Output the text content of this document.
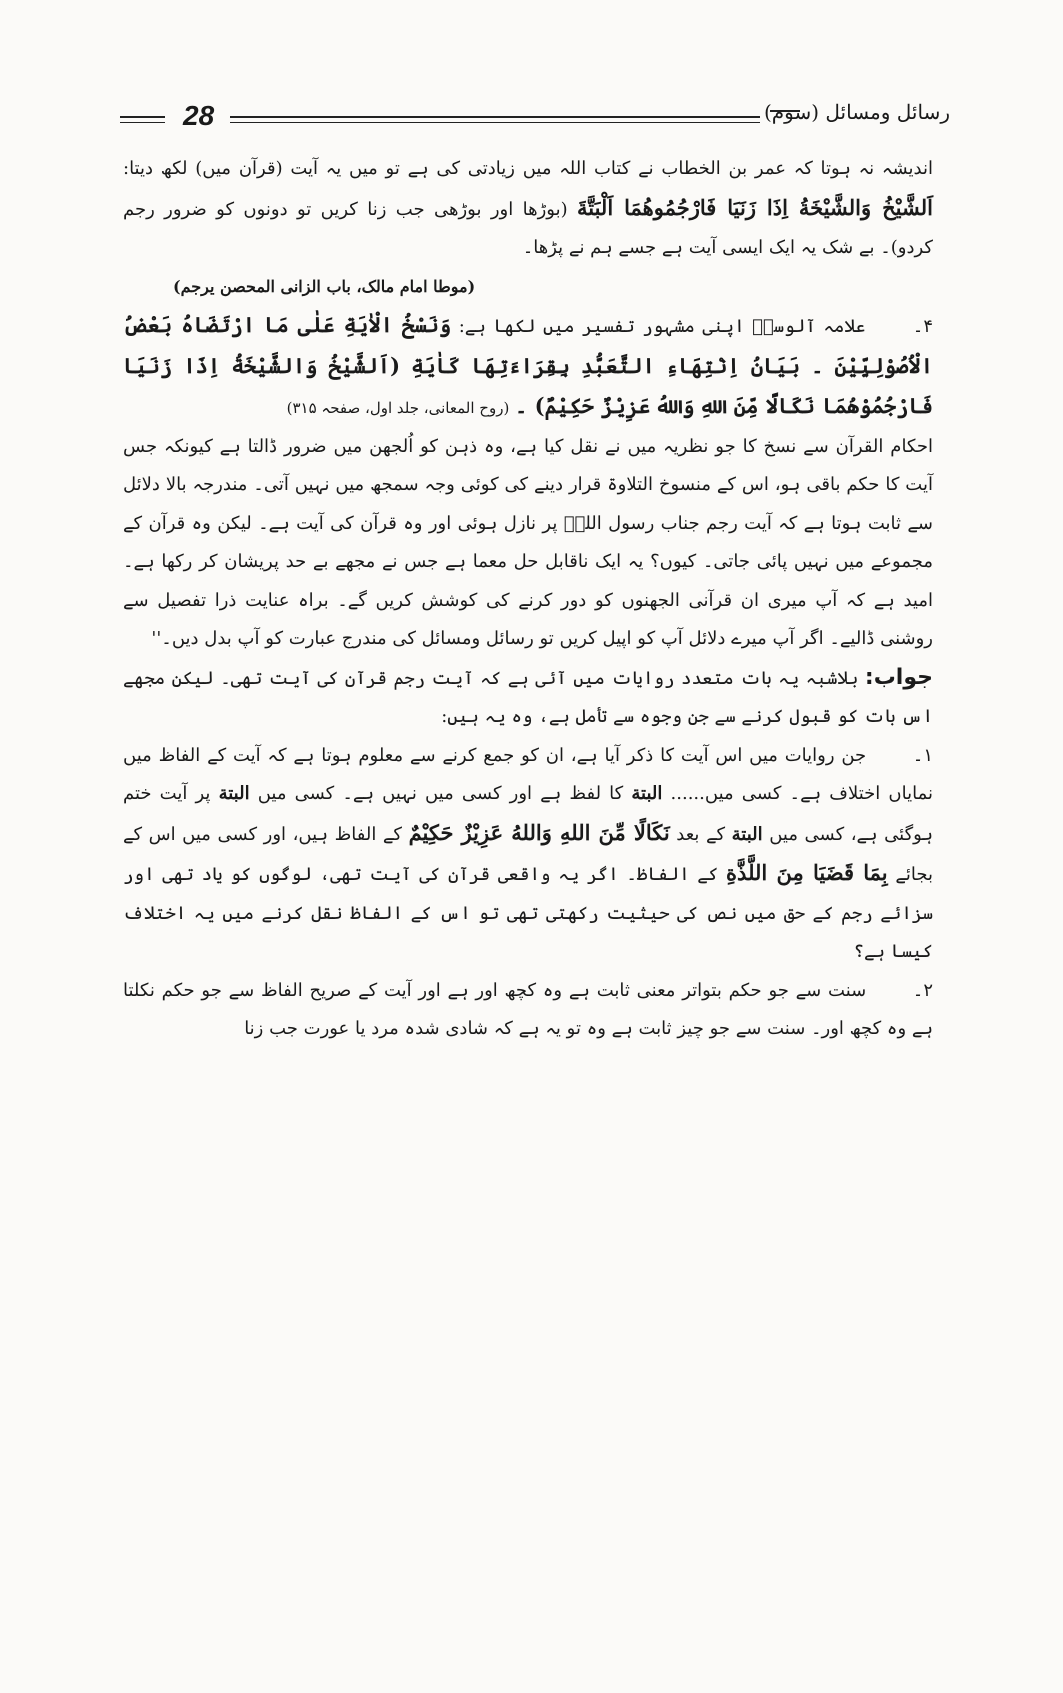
28	رسائل ومسائل (سوم)

اندیشہ نہ ہوتا کہ عمر بن الخطاب نے کتاب اللہ میں زیادتی کی ہے تو میں یہ آیت (قرآن میں) لکھ دیتا: اَلشَّيْخُ وَالشَّيْخَةُ اِذَا زَنَيَا فَارْجُمُوهُمَا اَلْبَتَّةَ (بوڑھا اور بوڑھی جب زنا کریں تو دونوں کو ضرور رجم کردو)۔ بے شک یہ ایک ایسی آیت ہے جسے ہم نے پڑھا۔

(موطا امام مالک، باب الزانی المحصن یرجم)

۴۔ علامہ آلوسیؒ اپنی مشہور تفسیر میں لکھا ہے: وَنَسْخُ الْاٰيَةِ عَلٰى مَا ارْتَضَاهُ بَعْضُ الْاُصُوْلِيِّيْنَ ۔ بَيَانُ اِنْتِهَاءِ التَّعَبُّدِ بِقِرَاءَتِهَا كَاٰيَةِ (اَلشَّيْخُ وَالشَّيْخَةُ اِذَا زَنَيَا فَارْجُمُوْهُمَا نَكَالًا مِّنَ اللهِ وَاللهُ عَزِيْزٌ حَكِيْمٌ) ۔ (روح المعانی، جلد اول، صفحہ ۳۱۵)

احکام القرآن سے نسخ کا جو نظریہ میں نے نقل کیا ہے، وہ ذہن کو اُلجھن میں ضرور ڈالتا ہے کیونکہ جس آیت کا حکم باقی ہو، اس کے منسوخ التلاوۃ قرار دینے کی کوئی وجہ سمجھ میں نہیں آتی۔ مندرجہ بالا دلائل سے ثابت ہوتا ہے کہ آیت رجم جناب رسول اللہؐ پر نازل ہوئی اور وہ قرآن کی آیت ہے۔ لیکن وہ قرآن کے مجموعے میں نہیں پائی جاتی۔ کیوں؟ یہ ایک ناقابل حل معما ہے جس نے مجھے بے حد پریشان کر رکھا ہے۔ امید ہے کہ آپ میری ان قرآنی الجھنوں کو دور کرنے کی کوشش کریں گے۔ براہ عنایت ذرا تفصیل سے روشنی ڈالیے۔ اگر آپ میرے دلائل آپ کو اپیل کریں تو رسائل ومسائل کی مندرج عبارت کو آپ بدل دیں۔''

جواب: بلاشبہ یہ بات متعدد روایات میں آئی ہے کہ آیت رجم قرآن کی آیت تھی۔ لیکن مجھے اس بات کو قبول کرنے سے جن وجوہ سے تأمل ہے، وہ یہ ہیں:

۱۔ جن روایات میں اس آیت کا ذکر آیا ہے، ان کو جمع کرنے سے معلوم ہوتا ہے کہ آیت کے الفاظ میں نمایاں اختلاف ہے۔ کسی میں...... البتة کا لفظ ہے اور کسی میں نہیں ہے۔ کسی میں البتة پر آیت ختم ہوگئی ہے، کسی میں البتة کے بعد نَكَالًا مِّنَ اللهِ وَاللهُ عَزِيْزٌ حَكِيْمٌ کے الفاظ ہیں، اور کسی میں اس کے بجائے بِمَا قَضَيَا مِنَ اللَّذَّةِ کے الفاظ۔ اگر یہ واقعی قرآن کی آیت تھی، لوگوں کو یاد تھی اور سزائے رجم کے حق میں نص کی حیثیت رکھتی تھی تو اس کے الفاظ نقل کرنے میں یہ اختلاف کیسا ہے؟

۲۔ سنت سے جو حکم بتواتر معنی ثابت ہے وہ کچھ اور ہے اور آیت کے صریح الفاظ سے جو حکم نکلتا ہے وہ کچھ اور۔ سنت سے جو چیز ثابت ہے وہ تو یہ ہے کہ شادی شدہ مرد یا عورت جب زنا
